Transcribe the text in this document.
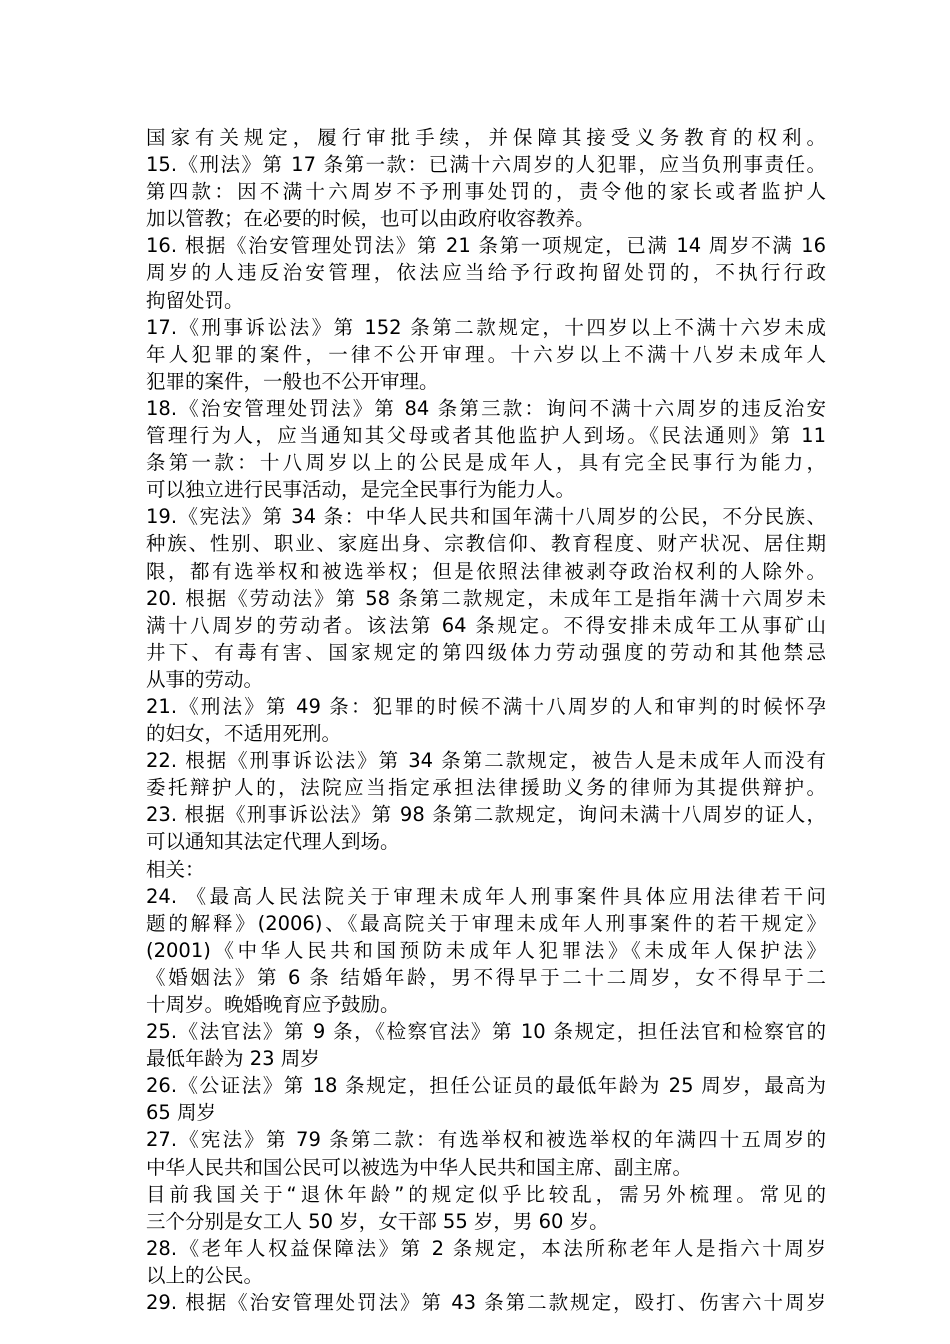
国家有关规定，履行审批手续，并保障其接受义务教育的权利。
15.《刑法》第 17 条第一款：已满十六周岁的人犯罪，应当负刑事责任。
第四款：因不满十六周岁不予刑事处罚的，责令他的家长或者监护人
加以管教；在必要的时候，也可以由政府收容教养。
16. 根据《治安管理处罚法》第 21 条第一项规定，已满 14 周岁不满 16
周岁的人违反治安管理，依法应当给予行政拘留处罚的，不执行行政
拘留处罚。
17.《刑事诉讼法》第 152 条第二款规定，十四岁以上不满十六岁未成
年人犯罪的案件，一律不公开审理。十六岁以上不满十八岁未成年人
犯罪的案件，一般也不公开审理。
18.《治安管理处罚法》第 84 条第三款：询问不满十六周岁的违反治安
管理行为人，应当通知其父母或者其他监护人到场。《民法通则》第 11
条第一款：十八周岁以上的公民是成年人，具有完全民事行为能力，
可以独立进行民事活动，是完全民事行为能力人。
19.《宪法》第 34 条：中华人民共和国年满十八周岁的公民，不分民族、
种族、性别、职业、家庭出身、宗教信仰、教育程度、财产状况、居住期
限，都有选举权和被选举权；但是依照法律被剥夺政治权利的人除外。
20. 根据《劳动法》第 58 条第二款规定，未成年工是指年满十六周岁未
满十八周岁的劳动者。该法第 64 条规定。不得安排未成年工从事矿山
井下、有毒有害、国家规定的第四级体力劳动强度的劳动和其他禁忌
从事的劳动。
21.《刑法》第 49 条：犯罪的时候不满十八周岁的人和审判的时候怀孕
的妇女，不适用死刑。
22. 根据《刑事诉讼法》第 34 条第二款规定，被告人是未成年人而没有
委托辩护人的，法院应当指定承担法律援助义务的律师为其提供辩护。
23. 根据《刑事诉讼法》第 98 条第二款规定，询问未满十八周岁的证人，
可以通知其法定代理人到场。
相关：
24. 《最高人民法院关于审理未成年人刑事案件具体应用法律若干问
题的解释》(2006)、《最高院关于审理未成年人刑事案件的若干规定》
(2001)《中华人民共和国预防未成年人犯罪法》《未成年人保护法》
《婚姻法》第 6 条 结婚年龄，男不得早于二十二周岁，女不得早于二
十周岁。晚婚晚育应予鼓励。
25.《法官法》第 9 条，《检察官法》第 10 条规定，担任法官和检察官的
最低年龄为 23 周岁
26.《公证法》第 18 条规定，担任公证员的最低年龄为 25 周岁，最高为
65 周岁
27.《宪法》第 79 条第二款：有选举权和被选举权的年满四十五周岁的
中华人民共和国公民可以被选为中华人民共和国主席、副主席。
目前我国关于“退休年龄”的规定似乎比较乱，需另外梳理。常见的
三个分别是女工人 50 岁，女干部 55 岁，男 60 岁。
28.《老年人权益保障法》第 2 条规定，本法所称老年人是指六十周岁
以上的公民。
29. 根据《治安管理处罚法》第 43 条第二款规定，殴打、伤害六十周岁
